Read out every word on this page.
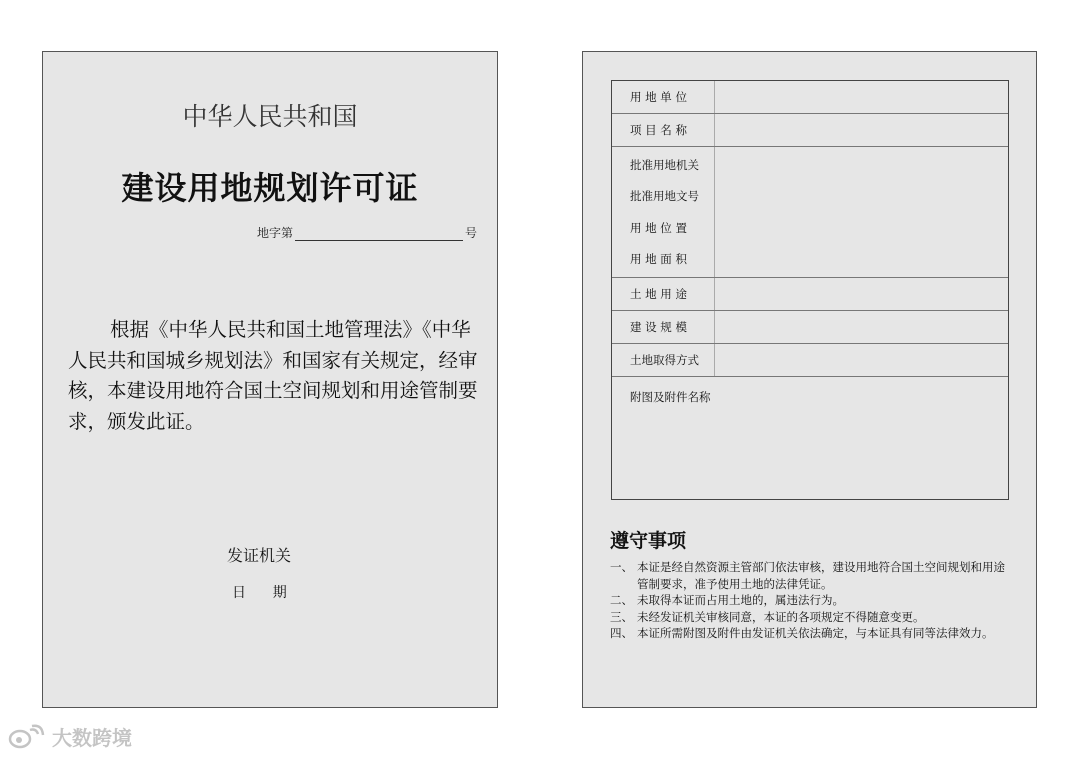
中华人民共和国
建设用地规划许可证
地字第	号

根据《中华人民共和国土地管理法》《中华人民共和国城乡规划法》和国家有关规定，经审核，本建设用地符合国土空间规划和用途管制要求，颁发此证。

发证机关
日      期
用 地 单 位
项 目 名 称
批准用地机关
批准用地文号
用 地 位 置
用 地 面 积
土 地 用 途
建 设 规 模
土地取得方式
附图及附件名称
遵守事项
一、 本证是经自然资源主管部门依法审核，建设用地符合国土空间规划和用途管制要求，准予使用土地的法律凭证。
二、 未取得本证而占用土地的，属违法行为。
三、 未经发证机关审核同意，本证的各项规定不得随意变更。
四、 本证所需附图及附件由发证机关依法确定，与本证具有同等法律效力。
大数跨境
